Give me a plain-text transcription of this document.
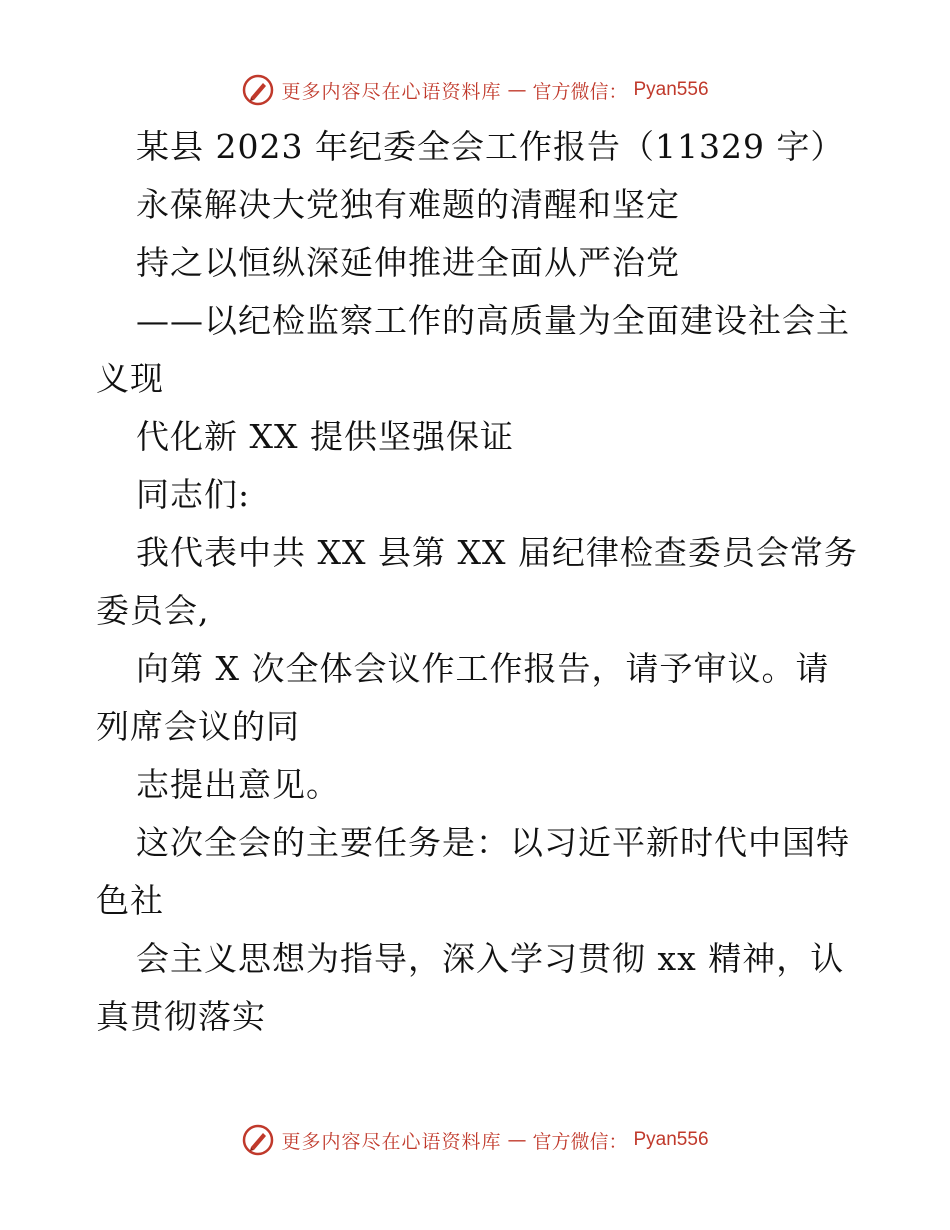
更多内容尽在心语资料库 — 官方微信： Pyan556
某县 2023 年纪委全会工作报告（11329 字）
永葆解决大党独有难题的清醒和坚定
持之以恒纵深延伸推进全面从严治党
——以纪检监察工作的高质量为全面建设社会主
义现
代化新 XX 提供坚强保证
同志们:
我代表中共 XX 县第 XX 届纪律检查委员会常务
委员会,
向第 X 次全体会议作工作报告，请予审议。请
列席会议的同
志提出意见。
这次全会的主要任务是：以习近平新时代中国特
色社
会主义思想为指导，深入学习贯彻 xx 精神，认
真贯彻落实
更多内容尽在心语资料库 — 官方微信： Pyan556
